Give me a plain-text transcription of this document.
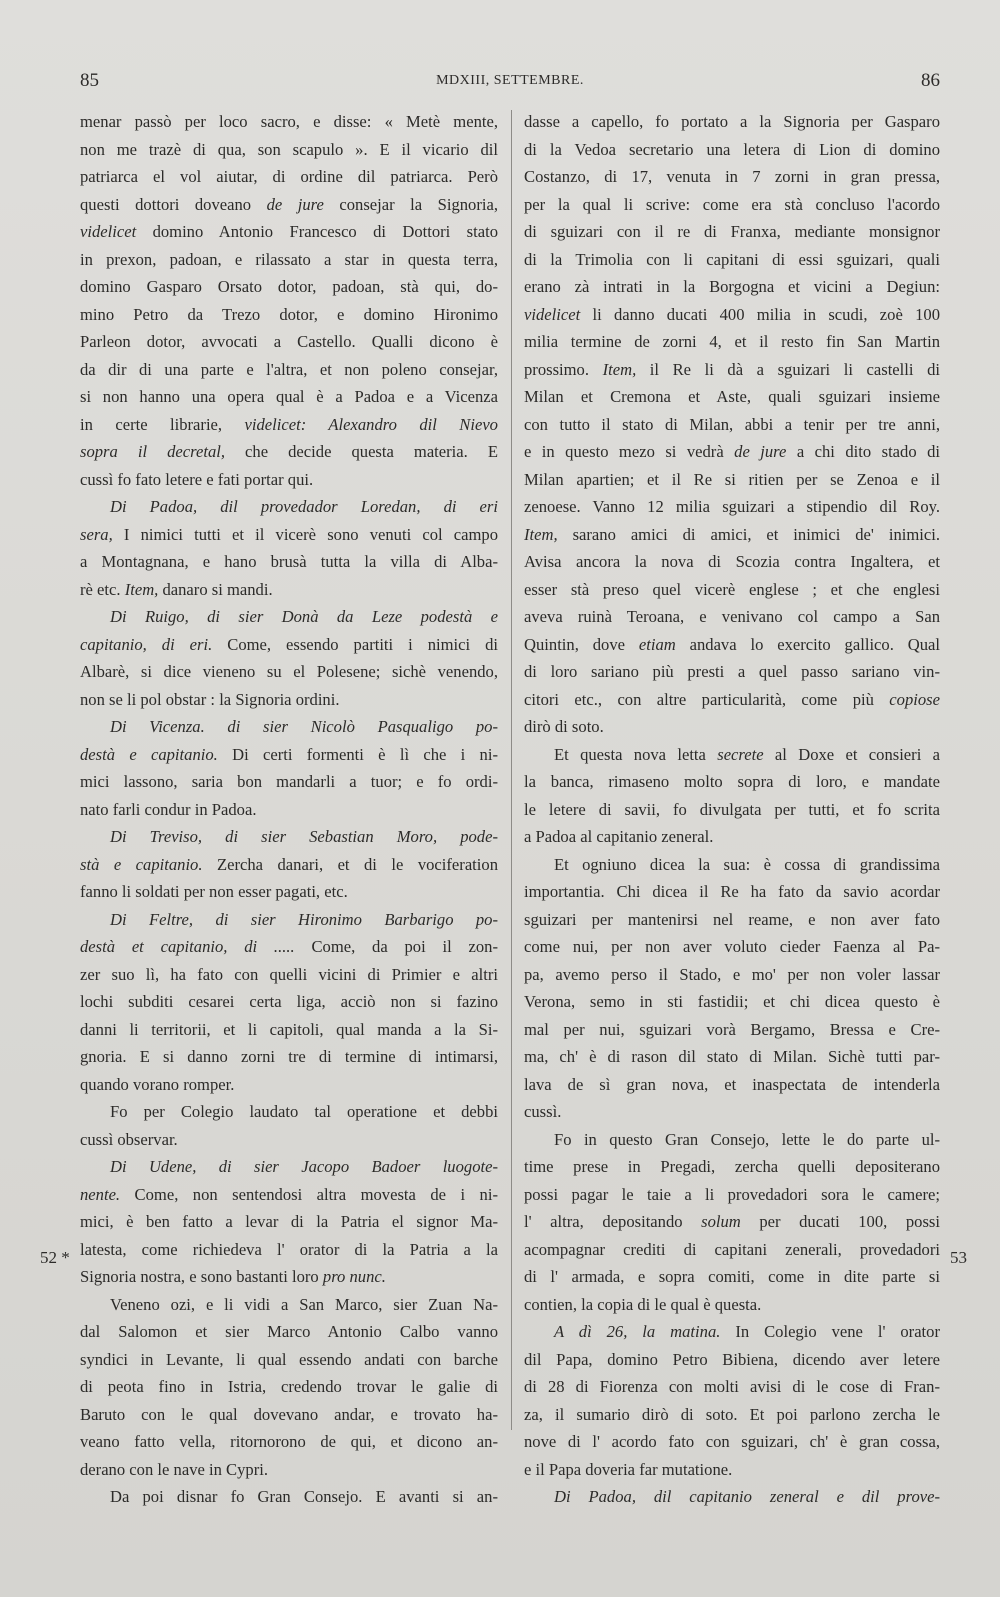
85	MDXIII, SETTEMBRE.	86
52 *	53

menar passò per loco sacro, e disse: « Metè mente,

non me trazè di qua, son scapulo ». E il vicario dil

patriarca el vol aiutar, di ordine dil patriarca. Però

questi dottori doveano de jure consejar la Signoria,

videlicet domino Antonio Francesco di Dottori stato

in prexon, padoan, e rilassato a star in questa terra,

domino Gasparo Orsato dotor, padoan, stà qui, do-

mino Petro da Trezo dotor, e domino Hironimo

Parleon dotor, avvocati a Castello. Qualli dicono è

da dir di una parte e l'altra, et non poleno consejar,

si non hanno una opera qual è a Padoa e a Vicenza

in certe librarie, videlicet: Alexandro dil Nievo

sopra il decretal, che decide questa materia. E

cussì fo fato letere e fati portar qui.

Di Padoa, dil provedador Loredan, di eri

sera, I nimici tutti et il vicerè sono venuti col campo

a Montagnana, e hano brusà tutta la villa di Alba-

rè etc. Item, danaro si mandi.

Di Ruigo, di sier Donà da Leze podestà e

capitanio, di eri. Come, essendo partiti i nimici di

Albarè, si dice vieneno su el Polesene; sichè venendo,

non se li pol obstar : la Signoria ordini.

Di Vicenza. di sier Nicolò Pasqualigo po-

destà e capitanio. Di certi formenti è lì che i ni-

mici lassono, saria bon mandarli a tuor; e fo ordi-

nato farli condur in Padoa.

Di Treviso, di sier Sebastian Moro, pode-

stà e capitanio. Zercha danari, et di le vociferation

fanno li soldati per non esser pagati, etc.

Di Feltre, di sier Hironimo Barbarigo po-

destà et capitanio, di ..... Come, da poi il zon-

zer suo lì, ha fato con quelli vicini di Primier e altri

lochi subditi cesarei certa liga, acciò non si fazino

danni li territorii, et li capitoli, qual manda a la Si-

gnoria. E si danno zorni tre di termine di intimarsi,

quando vorano romper.

Fo per Colegio laudato tal operatione et debbi

cussì observar.

Di Udene, di sier Jacopo Badoer luogote-

nente. Come, non sentendosi altra movesta de i ni-

mici, è ben fatto a levar di la Patria el signor Ma-

latesta, come richiedeva l' orator di la Patria a la

Signoria nostra, e sono bastanti loro pro nunc.

Veneno ozi, e li vidi a San Marco, sier Zuan Na-

dal Salomon et sier Marco Antonio Calbo vanno

syndici in Levante, li qual essendo andati con barche

di peota fino in Istria, credendo trovar le galie di

Baruto con le qual dovevano andar, e trovato ha-

veano fatto vella, ritornorono de qui, et dicono an-

derano con le nave in Cypri.

Da poi disnar fo Gran Consejo. E avanti si an-

dasse a capello, fo portato a la Signoria per Gasparo

di la Vedoa secretario una letera di Lion di domino

Costanzo, di 17, venuta in 7 zorni in gran pressa,

per la qual li scrive: come era stà concluso l'acordo

di sguizari con il re di Franxa, mediante monsignor

di la Trimolia con li capitani di essi sguizari, quali

erano zà intrati in la Borgogna et vicini a Degiun:

videlicet li danno ducati 400 milia in scudi, zoè 100

milia termine de zorni 4, et il resto fin San Martin

prossimo. Item, il Re li dà a sguizari li castelli di

Milan et Cremona et Aste, quali sguizari insieme

con tutto il stato di Milan, abbi a tenir per tre anni,

e in questo mezo si vedrà de jure a chi dito stado di

Milan apartien; et il Re si ritien per se Zenoa e il

zenoese. Vanno 12 milia sguizari a stipendio dil Roy.

Item, sarano amici di amici, et inimici de' inimici.

Avisa ancora la nova di Scozia contra Ingaltera, et

esser stà preso quel vicerè englese ; et che englesi

aveva ruinà Teroana, e venivano col campo a San

Quintin, dove etiam andava lo exercito gallico. Qual

di loro sariano più presti a quel passo sariano vin-

citori etc., con altre particularità, come più copiose

dirò di soto.

Et questa nova letta secrete al Doxe et consieri a

la banca, rimaseno molto sopra di loro, e mandate

le letere di savii, fo divulgata per tutti, et fo scrita

a Padoa al capitanio zeneral.

Et ogniuno dicea la sua: è cossa di grandissima

importantia. Chi dicea il Re ha fato da savio acordar

sguizari per mantenirsi nel reame, e non aver fato

come nui, per non aver voluto cieder Faenza al Pa-

pa, avemo perso il Stado, e mo' per non voler lassar

Verona, semo in sti fastidii; et chi dicea questo è

mal per nui, sguizari vorà Bergamo, Bressa e Cre-

ma, ch' è di rason dil stato di Milan. Sichè tutti par-

lava de sì gran nova, et inaspectata de intenderla

cussì.

Fo in questo Gran Consejo, lette le do parte ul-

time prese in Pregadi, zercha quelli depositerano

possi pagar le taie a li provedadori sora le camere;

l' altra, depositando solum per ducati 100, possi

acompagnar crediti di capitani zenerali, provedadori

di l' armada, e sopra comiti, come in dite parte si

contien, la copia di le qual è questa.

A dì 26, la matina. In Colegio vene l' orator

dil Papa, domino Petro Bibiena, dicendo aver letere

di 28 di Fiorenza con molti avisi di le cose di Fran-

za, il sumario dirò di soto. Et poi parlono zercha le

nove di l' acordo fato con sguizari, ch' è gran cossa,

e il Papa doveria far mutatione.

Di Padoa, dil capitanio zeneral e dil prove-
